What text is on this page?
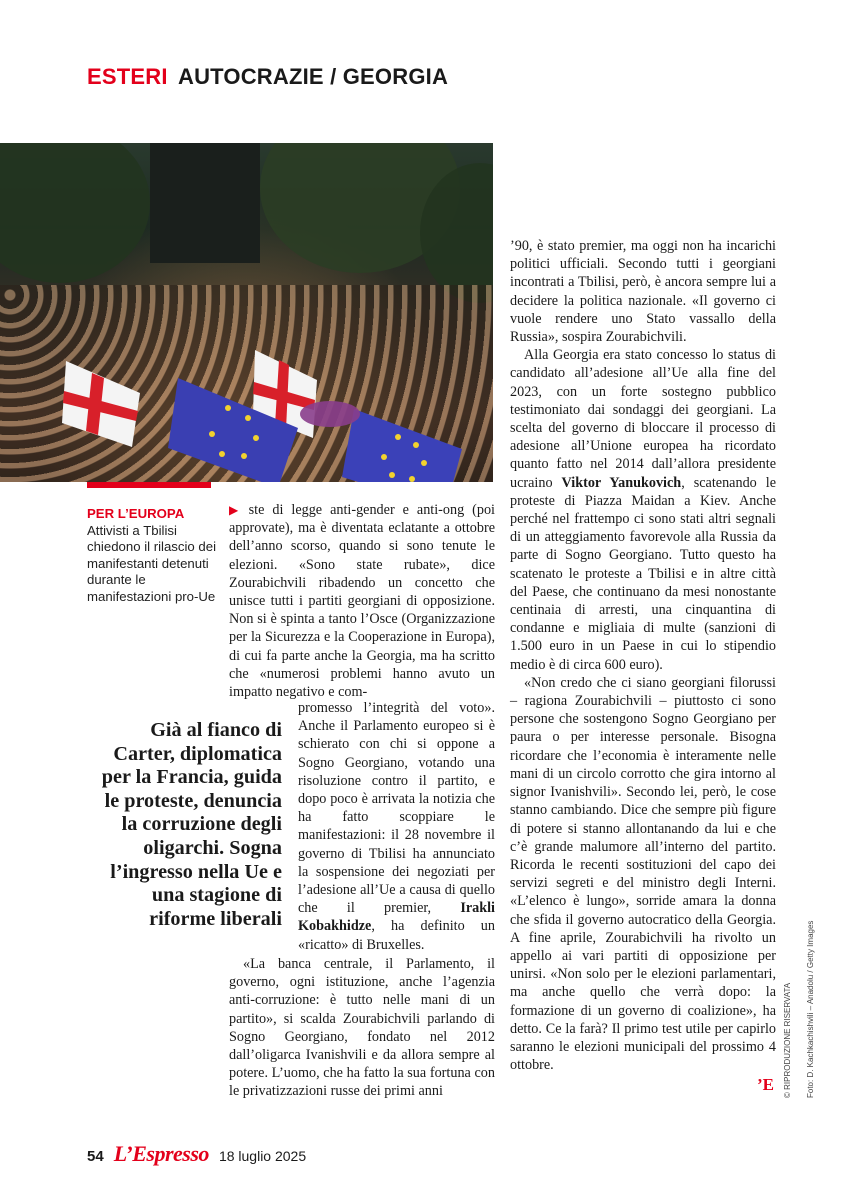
ESTERI AUTOCRAZIE / GEORGIA
PER L’EUROPA
Attivisti a Tbilisi chiedono il rilascio dei manifestanti detenuti durante le manifestazioni pro-Ue
Già al fianco di Carter, diplomatica per la Francia, guida le proteste, denuncia la corruzione degli oligarchi. Sogna l’ingresso nella Ue e una stagione di riforme liberali

▶ ste di legge anti-gender e anti-ong (poi approvate), ma è diventata eclatante a ottobre dell’anno scorso, quando si sono tenute le elezioni. «Sono state rubate», dice Zourabichvili ribadendo un concetto che unisce tutti i partiti georgiani di opposizione. Non si è spinta a tanto l’Osce (Organizzazione per la Sicurezza e la Cooperazione in Europa), di cui fa parte anche la Georgia, ma ha scritto che «numerosi problemi hanno avuto un impatto negativo e com-

promesso l’integrità del voto». Anche il Parlamento europeo si è schierato con chi si oppone a Sogno Georgiano, votando una risoluzione contro il partito, e dopo poco è arrivata la notizia che ha fatto scoppiare le manifestazioni: il 28 novembre il governo di Tbilisi ha annunciato la sospensione dei negoziati per l’adesione all’Ue a causa di quello che il premier, Irakli Kobakhidze, ha definito un «ricatto» di Bruxelles.

«La banca centrale, il Parlamento, il governo, ogni istituzione, anche l’agenzia anti-corruzione: è tutto nelle mani di un partito», si scalda Zourabichvili parlando di Sogno Georgiano, fondato nel 2012 dall’oligarca Ivanishvili e da allora sempre al potere. L’uomo, che ha fatto la sua fortuna con le privatizzazioni russe dei primi anni

’90, è stato premier, ma oggi non ha incarichi politici ufficiali. Secondo tutti i georgiani incontrati a Tbilisi, però, è ancora sempre lui a decidere la politica nazionale. «Il governo ci vuole rendere uno Stato vassallo della Russia», sospira Zourabichvili.

Alla Georgia era stato concesso lo status di candidato all’adesione all’Ue alla fine del 2023, con un forte sostegno pubblico testimoniato dai sondaggi dei georgiani. La scelta del governo di bloccare il processo di adesione all’Unione europea ha ricordato quanto fatto nel 2014 dall’allora presidente ucraino Viktor Yanukovich, scatenando le proteste di Piazza Maidan a Kiev. Anche perché nel frattempo ci sono stati altri segnali di un atteggiamento favorevole alla Russia da parte di Sogno Georgiano. Tutto questo ha scatenato le proteste a Tbilisi e in altre città del Paese, che continuano da mesi nonostante centinaia di arresti, una cinquantina di condanne e migliaia di multe (sanzioni di 1.500 euro in un Paese in cui lo stipendio medio è di circa 600 euro).

«Non credo che ci siano georgiani filorussi – ragiona Zourabichvili – piuttosto ci sono persone che sostengono Sogno Georgiano per paura o per interesse personale. Bisogna ricordare che l’economia è interamente nelle mani di un circolo corrotto che gira intorno al signor Ivanishvili». Secondo lei, però, le cose stanno cambiando. Dice che sempre più figure di potere si stanno allontanando da lui e che c’è grande malumore all’interno del partito. Ricorda le recenti sostituzioni del capo dei servizi segreti e del ministro degli Interni. «L’elenco è lungo», sorride amara la donna che sfida il governo autocratico della Georgia. A fine aprile, Zourabichvili ha rivolto un appello ai vari partiti di opposizione per unirsi. «Non solo per le elezioni parlamentari, ma anche quello che verrà dopo: la formazione di un governo di coalizione», ha detto. Ce la farà? Il primo test utile per capirlo saranno le elezioni municipali del prossimo 4 ottobre.

’E © RIPRODUZIONE RISERVATA Foto: D. Kachkachishvili – Anadolu / Getty Images
54 L’Espresso 18 luglio 2025
